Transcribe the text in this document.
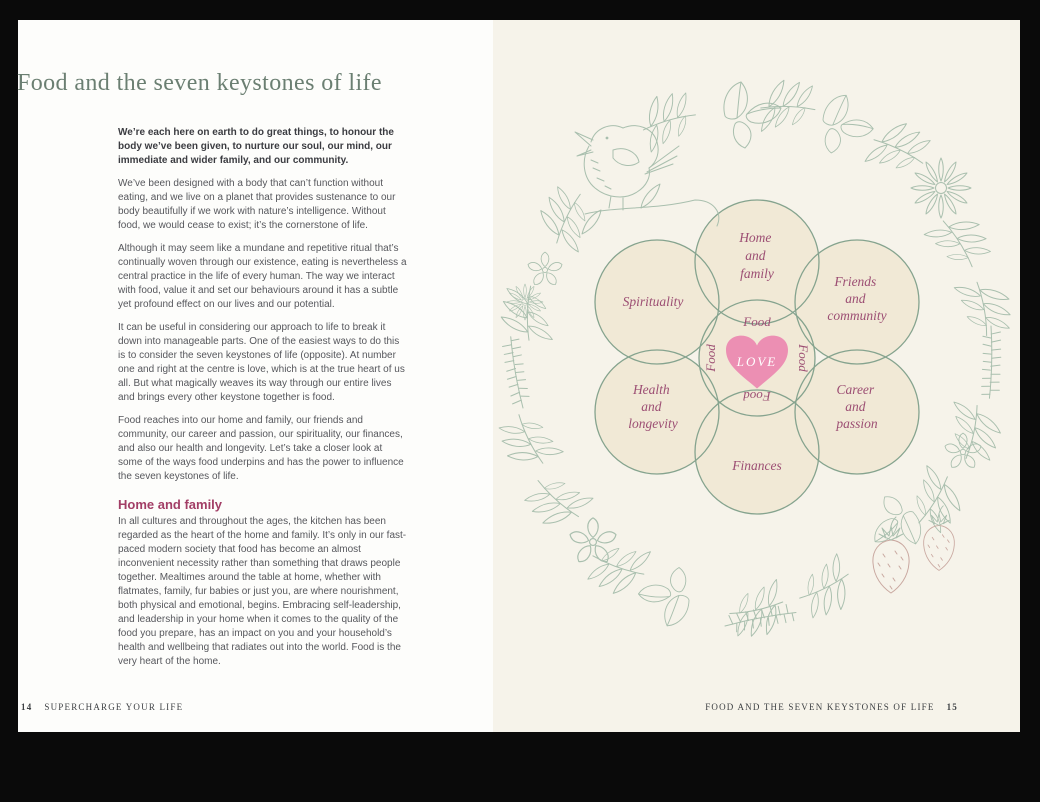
Food and the seven keystones of life

We’re each here on earth to do great things, to honour the body we’ve been given, to nurture our soul, our mind, our immediate and wider family, and our community.

We’ve been designed with a body that can’t function without eating, and we live on a planet that provides sustenance to our body beautifully if we work with nature’s intelligence. Without food, we would cease to exist; it’s the cornerstone of life.

Although it may seem like a mundane and repetitive ritual that’s continually woven through our existence, eating is nevertheless a central practice in the life of every human. The way we interact with food, value it and set our behaviours around it has a subtle yet profound effect on our lives and our potential.

It can be useful in considering our approach to life to break it down into manageable parts. One of the easiest ways to do this is to consider the seven keystones of life (opposite). At number one and right at the centre is love, which is at the true heart of us all. But what magically weaves its way through our entire lives and brings every other keystone together is food.

Food reaches into our home and family, our friends and community, our career and passion, our spirituality, our finances, and also our health and longevity. Let’s take a closer look at some of the ways food underpins and has the power to influence the seven keystones of life.

Home and family

In all cultures and throughout the ages, the kitchen has been regarded as the heart of the home and family. It’s only in our fast-paced modern society that food has become an almost inconvenient necessity rather than something that draws people together. Mealtimes around the table at home, whether with flatmates, family, fur babies or just you, are where nourishment, both physical and emotional, begins. Embracing self-leadership, and leadership in your home when it comes to the quality of the food you prepare, has an impact on you and your household’s health and wellbeing that radiates out into the world. Food is the very heart of the home.

14 SUPERCHARGE YOUR LIFE
LOVE
Food
Food
Food
Food
Home and family
Friends and community
Career and passion
Finances
Health and longevity
Spirituality
FOOD AND THE SEVEN KEYSTONES OF LIFE 15
